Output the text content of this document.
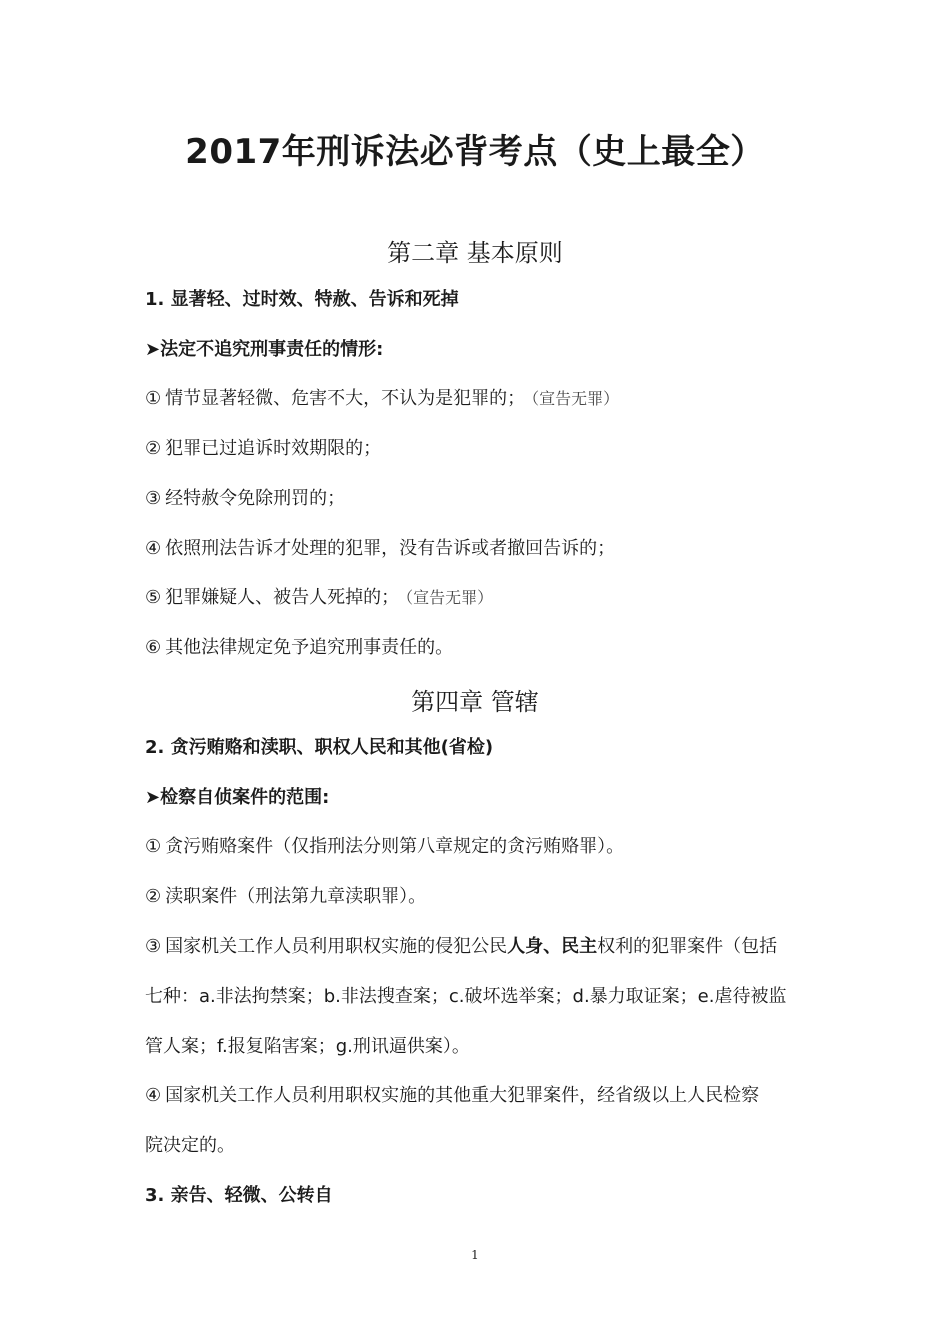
2017年刑诉法必背考点（史上最全）
第二章 基本原则
1. 显著轻、过时效、特赦、告诉和死掉
➤法定不追究刑事责任的情形:
① 情节显著轻微、危害不大，不认为是犯罪的； （宣告无罪）
② 犯罪已过追诉时效期限的；
③ 经特赦令免除刑罚的；
④ 依照刑法告诉才处理的犯罪，没有告诉或者撤回告诉的；
⑤ 犯罪嫌疑人、被告人死掉的； （宣告无罪）
⑥ 其他法律规定免予追究刑事责任的。
第四章 管辖
2. 贪污贿赂和渎职、职权人民和其他(省检)
➤检察自侦案件的范围:
① 贪污贿赂案件（仅指刑法分则第八章规定的贪污贿赂罪）。
② 渎职案件（刑法第九章渎职罪）。
③ 国家机关工作人员利用职权实施的侵犯公民人身、民主权利的犯罪案件（包括
七种：a.非法拘禁案；b.非法搜查案；c.破坏选举案；d.暴力取证案；e.虐待被监
管人案；f.报复陷害案；g.刑讯逼供案）。
④ 国家机关工作人员利用职权实施的其他重大犯罪案件，经省级以上人民检察
院决定的。
3. 亲告、轻微、公转自
1
